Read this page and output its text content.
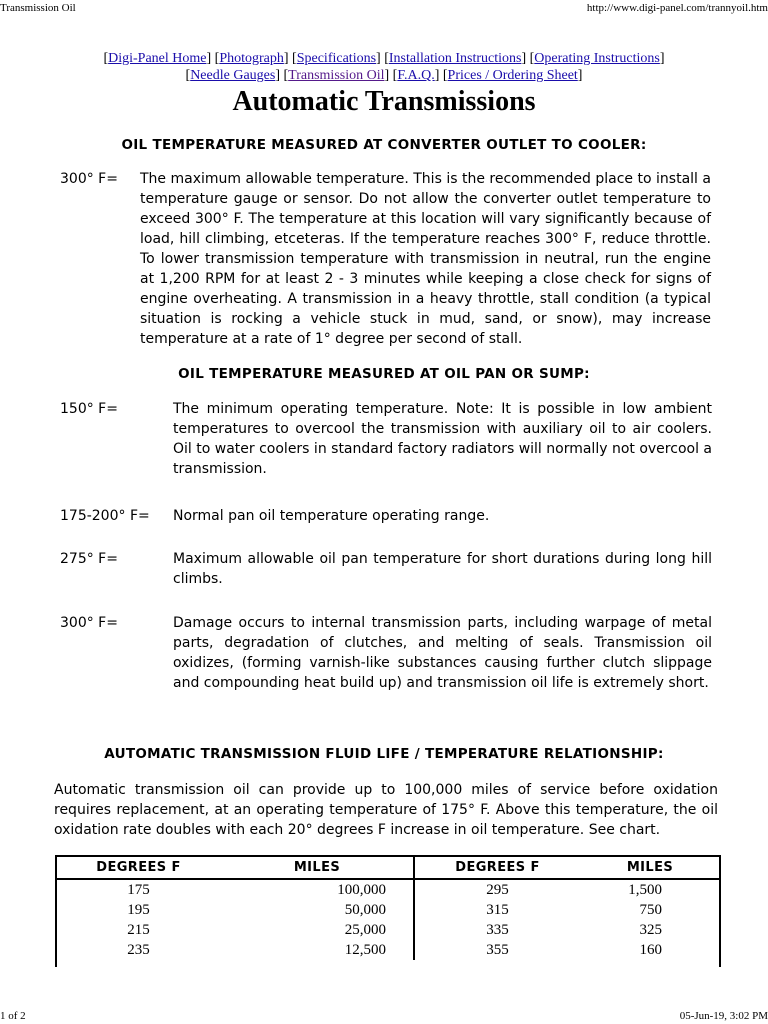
Transmission Oil	http://www.digi-panel.com/trannyoil.htm
[Digi-Panel Home] [Photograph] [Specifications] [Installation Instructions] [Operating Instructions]
[Needle Gauges] [Transmission Oil] [F.A.Q.] [Prices / Ordering Sheet]
Automatic Transmissions
OIL TEMPERATURE MEASURED AT CONVERTER OUTLET TO COOLER:
300° F= The maximum allowable temperature. This is the recommended place to install a temperature gauge or sensor. Do not allow the converter outlet temperature to exceed 300° F. The temperature at this location will vary significantly because of load, hill climbing, etceteras. If the temperature reaches 300° F, reduce throttle. To lower transmission temperature with transmission in neutral, run the engine at 1,200 RPM for at least 2 - 3 minutes while keeping a close check for signs of engine overheating. A transmission in a heavy throttle, stall condition (a typical situation is rocking a vehicle stuck in mud, sand, or snow), may increase temperature at a rate of 1° degree per second of stall.
OIL TEMPERATURE MEASURED AT OIL PAN OR SUMP:
150° F=	The minimum operating temperature. Note: It is possible in low ambient temperatures to overcool the transmission with auxiliary oil to air coolers. Oil to water coolers in standard factory radiators will normally not overcool a transmission.
175-200° F= Normal pan oil temperature operating range.
275° F=	Maximum allowable oil pan temperature for short durations during long hill climbs.
300° F=	Damage occurs to internal transmission parts, including warpage of metal parts, degradation of clutches, and melting of seals. Transmission oil oxidizes, (forming varnish-like substances causing further clutch slippage and compounding heat build up) and transmission oil life is extremely short.
AUTOMATIC TRANSMISSION FLUID LIFE / TEMPERATURE RELATIONSHIP:
Automatic transmission oil can provide up to 100,000 miles of service before oxidation requires replacement, at an operating temperature of 175° F. Above this temperature, the oil oxidation rate doubles with each 20° degrees F increase in oil temperature. See chart.
DEGREES F	MILES	DEGREES F	MILES
175	100,000	295	1,500
195	50,000	315	750
215	25,000	335	325
235	12,500	355	160
1 of 2	05-Jun-19, 3:02 PM
